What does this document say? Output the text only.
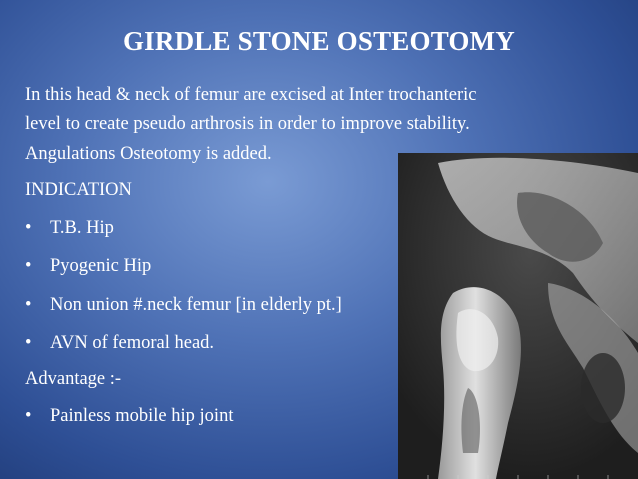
GIRDLE STONE OSTEOTOMY
In this head & neck of femur are excised at Inter trochanteric
level to create pseudo arthrosis in order to improve stability.
Angulations Osteotomy is added.
INDICATION
• T.B. Hip
• Pyogenic Hip
• Non union #.neck femur [in elderly pt.]
• AVN of femoral head.
Advantage :-
• Painless mobile hip joint
